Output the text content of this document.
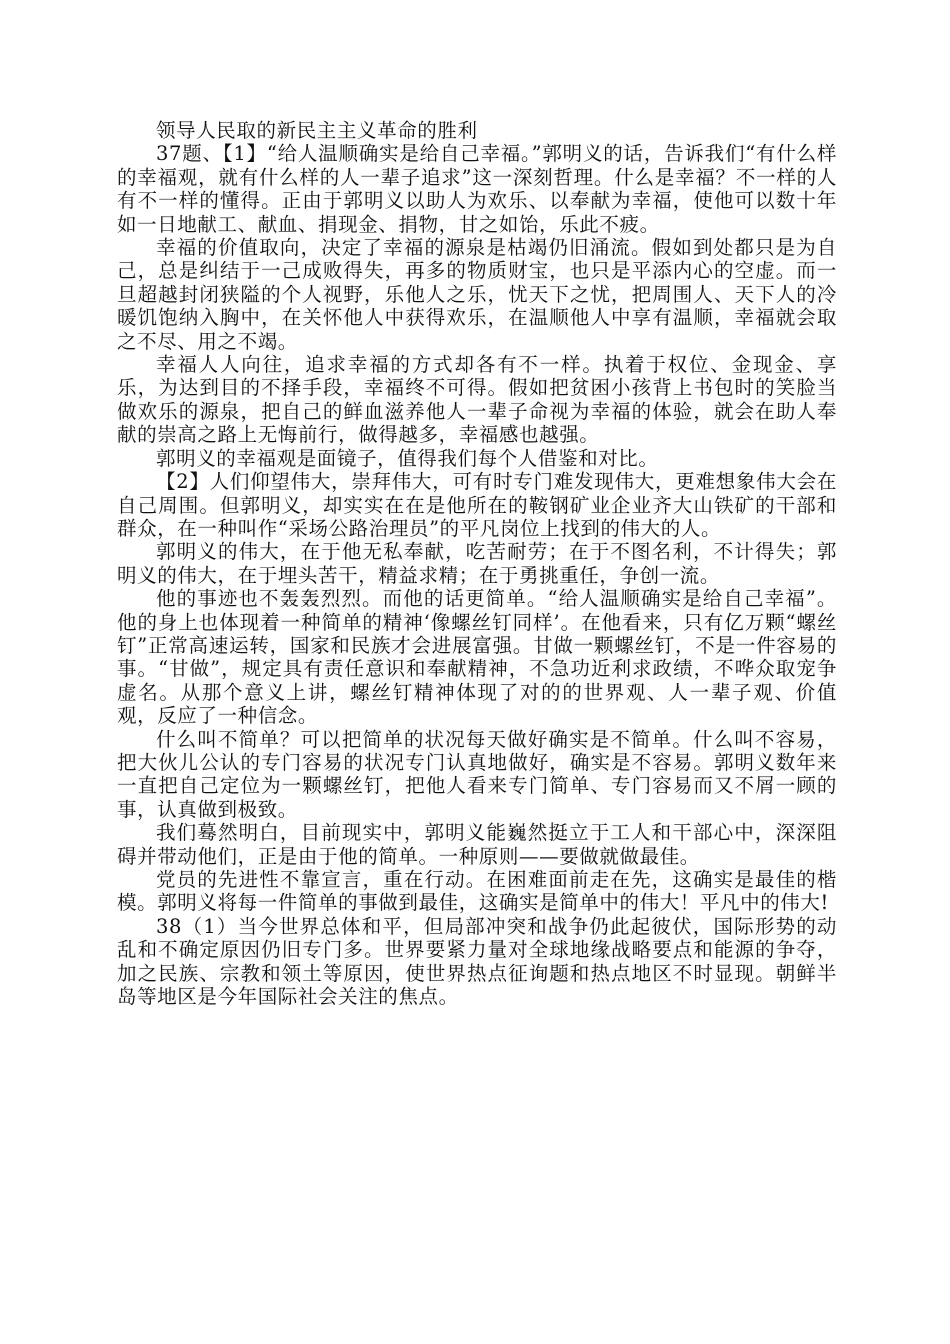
领导人民取的新民主主义革命的胜利

37题、【1】“给人温顺确实是给自己幸福。”郭明义的话，告诉我们“有什么样的幸福观，就有什么样的人一辈子追求”这一深刻哲理。什么是幸福？不一样的人有不一样的懂得。正由于郭明义以助人为欢乐、以奉献为幸福，使他可以数十年如一日地献工、献血、捐现金、捐物，甘之如饴，乐此不疲。

幸福的价值取向，决定了幸福的源泉是枯竭仍旧涌流。假如到处都只是为自己，总是纠结于一己成败得失，再多的物质财宝，也只是平添内心的空虚。而一旦超越封闭狭隘的个人视野，乐他人之乐，忧天下之忧，把周围人、天下人的冷暖饥饱纳入胸中，在关怀他人中获得欢乐，在温顺他人中享有温顺，幸福就会取之不尽、用之不竭。

幸福人人向往，追求幸福的方式却各有不一样。执着于权位、金现金、享乐，为达到目的不择手段，幸福终不可得。假如把贫困小孩背上书包时的笑脸当做欢乐的源泉，把自己的鲜血滋养他人一辈子命视为幸福的体验，就会在助人奉献的崇高之路上无悔前行，做得越多，幸福感也越强。

郭明义的幸福观是面镜子，值得我们每个人借鉴和对比。

【2】人们仰望伟大，崇拜伟大，可有时专门难发现伟大，更难想象伟大会在自己周围。但郭明义，却实实在在是他所在的鞍钢矿业企业齐大山铁矿的干部和群众，在一种叫作“采场公路治理员”的平凡岗位上找到的伟大的人。

郭明义的伟大，在于他无私奉献，吃苦耐劳；在于不图名利，不计得失；郭明义的伟大，在于埋头苦干，精益求精；在于勇挑重任，争创一流。

他的事迹也不轰轰烈烈。而他的话更简单。“给人温顺确实是给自己幸福”。他的身上也体现着一种简单的精神‘像螺丝钉同样’。在他看来，只有亿万颗“螺丝钉”正常高速运转，国家和民族才会进展富强。甘做一颗螺丝钉，不是一件容易的事。“甘做”，规定具有责任意识和奉献精神，不急功近利求政绩，不哗众取宠争虚名。从那个意义上讲，螺丝钉精神体现了对的的世界观、人一辈子观、价值观，反应了一种信念。

什么叫不简单？可以把简单的状况每天做好确实是不简单。什么叫不容易，把大伙儿公认的专门容易的状况专门认真地做好，确实是不容易。郭明义数年来一直把自己定位为一颗螺丝钉，把他人看来专门简单、专门容易而又不屑一顾的事，认真做到极致。

我们蓦然明白，目前现实中，郭明义能巍然挺立于工人和干部心中，深深阻碍并带动他们，正是由于他的简单。一种原则——要做就做最佳。

党员的先进性不靠宣言，重在行动。在困难面前走在先，这确实是最佳的楷模。郭明义将每一件简单的事做到最佳，这确实是简单中的伟大！平凡中的伟大!

38（1）当今世界总体和平，但局部冲突和战争仍此起彼伏，国际形势的动乱和不确定原因仍旧专门多。世界要紧力量对全球地缘战略要点和能源的争夺，加之民族、宗教和领土等原因，使世界热点征询题和热点地区不时显现。朝鲜半岛等地区是今年国际社会关注的焦点。
